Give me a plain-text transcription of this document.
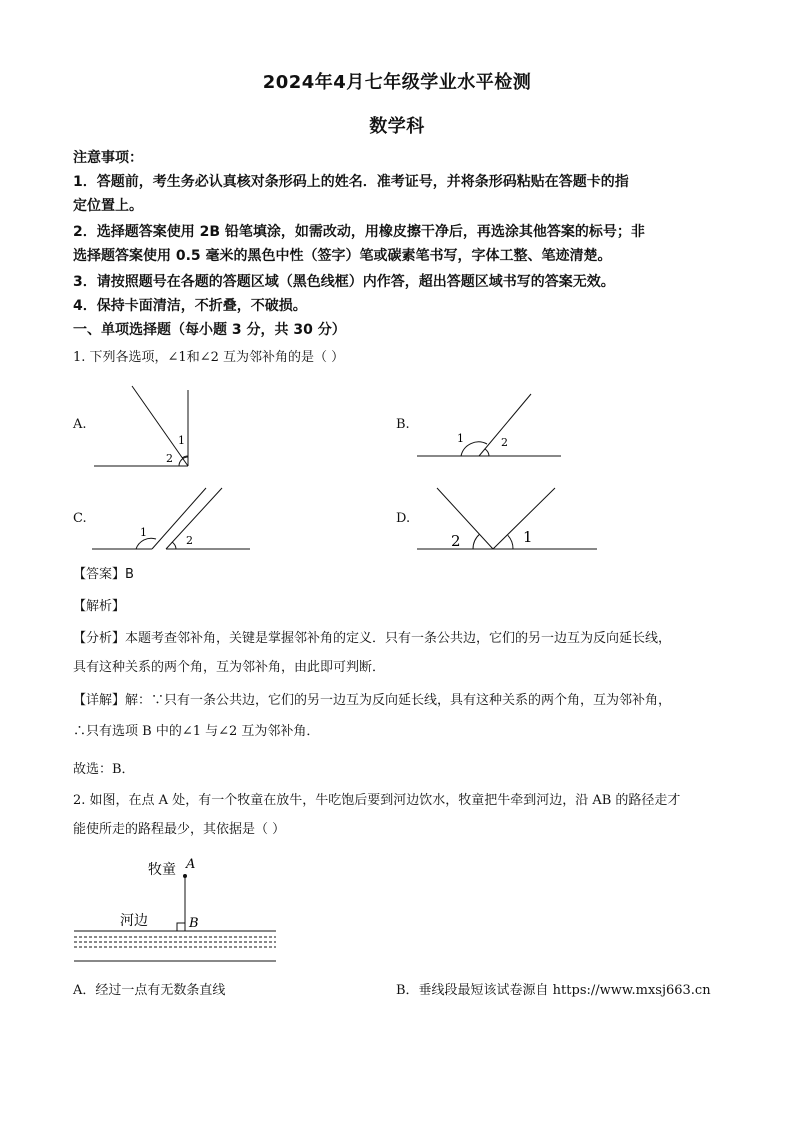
2024年4月七年级学业水平检测
数学科
注意事项：
1．答题前，考生务必认真核对条形码上的姓名．准考证号，并将条形码粘贴在答题卡的指
定位置上。
2．选择题答案使用 2B 铅笔填涂，如需改动，用橡皮擦干净后，再选涂其他答案的标号；非
选择题答案使用 0.5 毫米的黑色中性（签字）笔或碳素笔书写，字体工整、笔迹清楚。
3．请按照题号在各题的答题区域（黑色线框）内作答，超出答题区域书写的答案无效。
4．保持卡面清洁，不折叠，不破损。
一、单项选择题（每小题 3 分，共 30 分）
1. 下列各选项，∠1和∠2 互为邻补角的是（ ）
A.
1
2
B.
1	2
C.
1
2
D.
2	1
【答案】B
【解析】
【分析】本题考查邻补角，关键是掌握邻补角的定义．只有一条公共边，它们的另一边互为反向延长线，
具有这种关系的两个角，互为邻补角，由此即可判断．
【详解】解：∵只有一条公共边，它们的另一边互为反向延长线，具有这种关系的两个角，互为邻补角，
∴只有选项 B 中的∠1 与∠2 互为邻补角．
故选：B．
2. 如图，在点 A 处，有一个牧童在放牛，牛吃饱后要到河边饮水，牧童把牛牵到河边，沿 AB 的路径走才
能使所走的路程最少，其依据是（ ）
牧童 A
河边	B
A．经过一点有无数条直线	B．垂线段最短该试卷源自 https://www.mxsj663.cn
